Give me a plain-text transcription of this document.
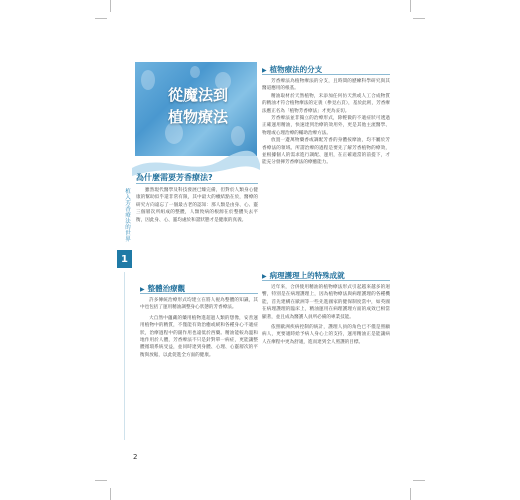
植入芳香療法的世界
1
從魔法到
植物療法
為什麼需要芳香療法?

雖然現代醫學及科技發展已臻完備，但對於人類身心健康的幫助似乎還非常有限，其中最大的癥結點在於，醫療的研究方向遠忘了一個最古老的認知：那人類是由身、心、靈三個層次所組成的整體，人類致病的根源在於整體失去平衡，因此身、心、靈均處於和諧狀態才是健康的真義。

▶ 整體治療觀

許多傳統治療形式均建立在將人視為整體的知識，其中也包括了運用精油調整身心狀態的芳香療法。

大自然中蘊藏的藥用植物進超過人類的想像，安善運用植物中的精質，不僅能有效治癒或緩和各種身心不適症狀，治療過程中的副作用也遠低於西藥。精油能較為溫和地作用於人體，芳香療法不只是針對單一病症，更能讓整體循環系統受益，並同時達到身體、心理、心靈層次的平衡與放鬆，以此促進全方面的健康。

▶ 植物療法的分支

芳香療法為植物療法的分支，且時間的歷練科學研究與其醫道應用的根基。

精油取材於天然植物，未添加任何仿天然或人工合成物質的精油才符合植物療法的定義（參見右頁），基於此則，芳香療法應正名為「植物芳香療法」才更為妥切。

芳香療法並非獨立的治療形式，除輕微的不適症狀可透過正確運用精油，快速達到治療的效用外，更是其他主流醫學、物理或心理治療的輔助治療方法。

放置一邊萬物藥香或調配芳香的身體按摩油，均不屬於芳香療法的領域。所謂治療的過程是要先了解芳香植物的療效，並根據個人的需求進行調配、運用，在正確適當的前提下，才能充分發揮芳香療法的療癒能力。

▶ 病理護理上的特殊成就

近年來，合併使用精油的植物療法形式引起越來越多的迴響，特別是在病理護理上，因為植物療法與病理護理的各種機能，首先建構在歐洲等一些先進國家的健保制度當中，如英國在病理護理的臨床上，精油運用在病理護理方面的成效已相當顯著，並且成為醫護人員所必備的專業技能。

依照歐洲疾病控制的統計，護理人員的角色已不僅是照顧病人，更要適時給予病人身心上的支持，運用精油正是能讓病人在療程中更為舒適，進而達到全人照護的目標。

2
